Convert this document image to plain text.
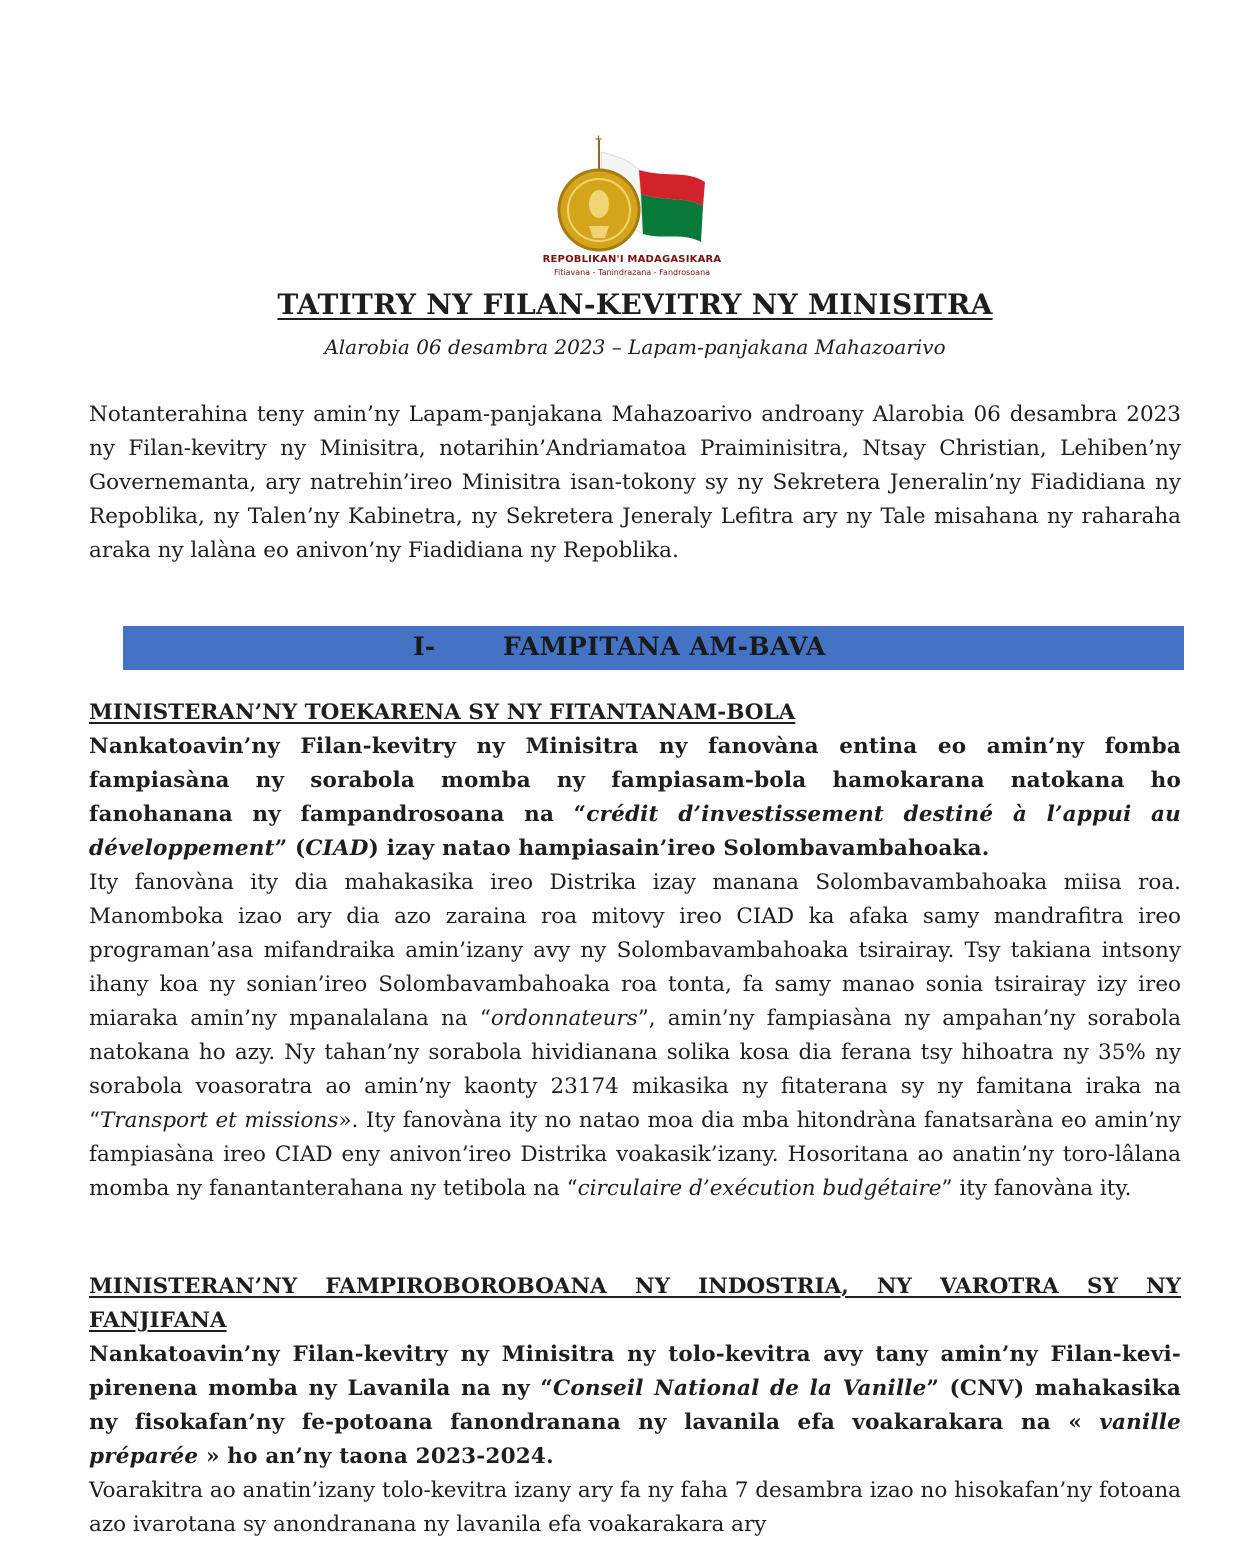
†
REPOBLIKAN'I MADAGASIKARA
Fitiavana - Tanindrazana - Fandrosoana
TATITRY NY FILAN-KEVITRY NY MINISITRA
Alarobia 06 desambra 2023 – Lapam-panjakana Mahazoarivo

Notanterahina teny amin’ny Lapam-panjakana Mahazoarivo androany Alarobia 06 desambra 2023 ny Filan-kevitry ny Minisitra, notarihin’Andriamatoa Praiminisitra, Ntsay Christian, Lehiben’ny Governemanta, ary natrehin’ireo Minisitra isan-tokony sy ny Sekretera Jeneralin’ny Fiadidiana ny Repoblika, ny Talen’ny Kabinetra, ny Sekretera Jeneraly Lefitra ary ny Tale misahana ny raharaha araka ny lalàna eo anivon’ny Fiadidiana ny Repoblika.

I-	FAMPITANA AM-BAVA
MINISTERAN’NY TOEKARENA SY NY FITANTANAM-BOLA

Nankatoavin’ny Filan-kevitry ny Minisitra ny fanovàna entina eo amin’ny fomba fampiasàna ny sorabola momba ny fampiasam-bola hamokarana natokana ho fanohanana ny fampandrosoana na “crédit d’investissement destiné à l’appui au développement” (CIAD) izay natao hampiasain’ireo Solombavambahoaka.

Ity fanovàna ity dia mahakasika ireo Distrika izay manana Solombavambahoaka miisa roa. Manomboka izao ary dia azo zaraina roa mitovy ireo CIAD ka afaka samy mandrafitra ireo programan’asa mifandraika amin’izany avy ny Solombavambahoaka tsirairay. Tsy takiana intsony ihany koa ny sonian’ireo Solombavambahoaka roa tonta, fa samy manao sonia tsirairay izy ireo miaraka amin’ny mpanalalana na “ordonnateurs”, amin’ny fampiasàna ny ampahan’ny sorabola natokana ho azy. Ny tahan’ny sorabola hividianana solika kosa dia ferana tsy hihoatra ny 35% ny sorabola voasoratra ao amin’ny kaonty 23174 mikasika ny fitaterana sy ny famitana iraka na “Transport et missions». Ity fanovàna ity no natao moa dia mba hitondràna fanatsaràna eo amin’ny fampiasàna ireo CIAD eny anivon’ireo Distrika voakasik’izany. Hosoritana ao anatin’ny toro-lâlana momba ny fanantanterahana ny tetibola na “circulaire d’exécution budgétaire” ity fanovàna ity.

MINISTERAN’NY FAMPIROBOROBOANA NY INDOSTRIA, NY VAROTRA SY NY
FANJIFANA

Nankatoavin’ny Filan-kevitry ny Minisitra ny tolo-kevitra avy tany amin’ny Filan-kevi-pirenena momba ny Lavanila na ny “Conseil National de la Vanille” (CNV) mahakasika ny fisokafan’ny fe-potoana fanondranana ny lavanila efa voakarakara na « vanille préparée » ho an’ny taona 2023-2024.

Voarakitra ao anatin’izany tolo-kevitra izany ary fa ny faha 7 desambra izao no hisokafan’ny fotoana azo ivarotana sy anondranana ny lavanila efa voakarakara ary
